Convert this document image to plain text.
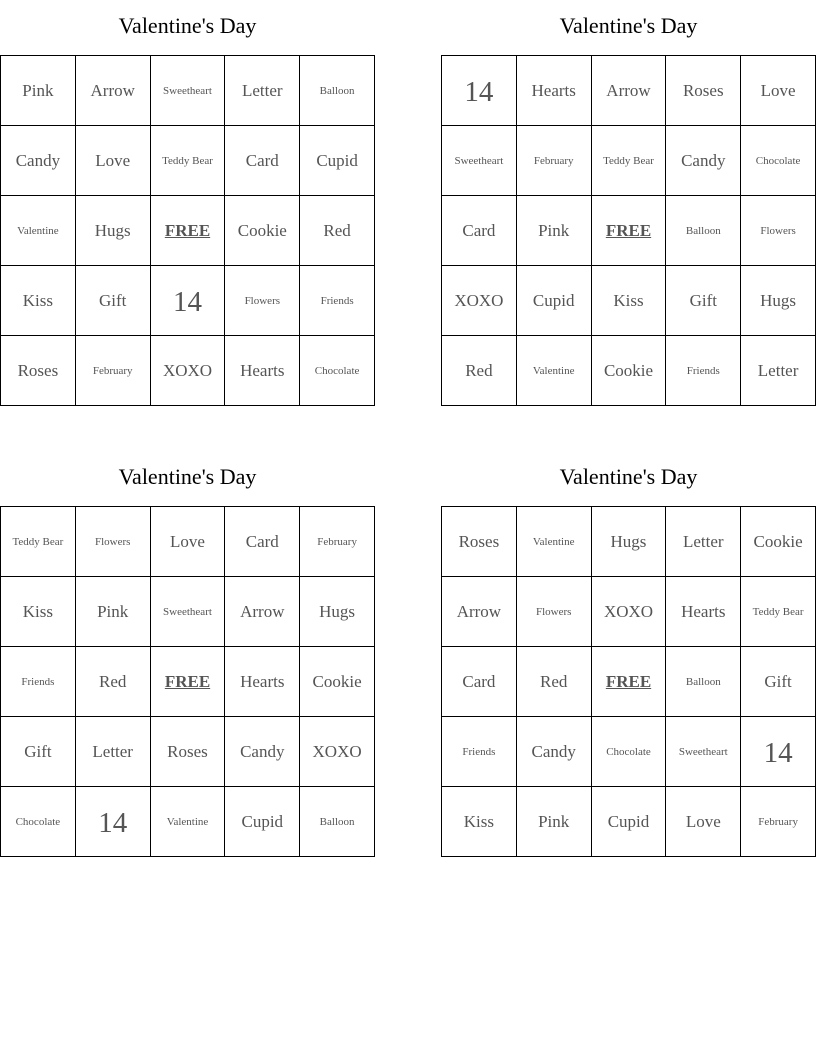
Valentine's Day
Pink	Arrow	Sweetheart	Letter	Balloon
Candy	Love	Teddy Bear	Card	Cupid
Valentine	Hugs	FREE	Cookie	Red
Kiss	Gift	14	Flowers	Friends
Roses	February	XOXO	Hearts	Chocolate
Valentine's Day
14	Hearts	Arrow	Roses	Love
Sweetheart	February	Teddy Bear	Candy	Chocolate
Card	Pink	FREE	Balloon	Flowers
XOXO	Cupid	Kiss	Gift	Hugs
Red	Valentine	Cookie	Friends	Letter
Valentine's Day
Teddy Bear	Flowers	Love	Card	February
Kiss	Pink	Sweetheart	Arrow	Hugs
Friends	Red	FREE	Hearts	Cookie
Gift	Letter	Roses	Candy	XOXO
Chocolate	14	Valentine	Cupid	Balloon
Valentine's Day
Roses	Valentine	Hugs	Letter	Cookie
Arrow	Flowers	XOXO	Hearts	Teddy Bear
Card	Red	FREE	Balloon	Gift
Friends	Candy	Chocolate	Sweetheart	14
Kiss	Pink	Cupid	Love	February
